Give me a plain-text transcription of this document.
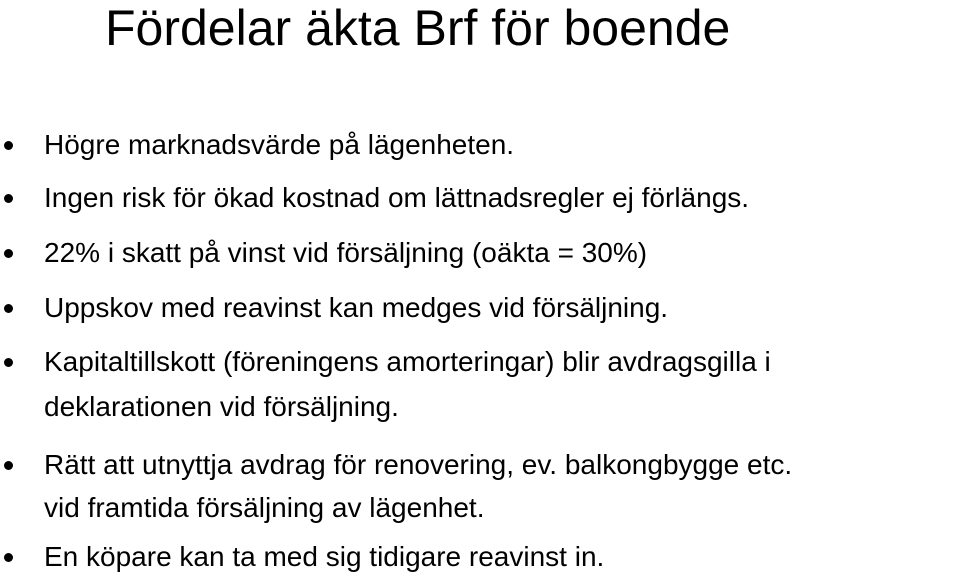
Fördelar äkta Brf för boende
Högre marknadsvärde på lägenheten.
Ingen risk för ökad kostnad om lättnadsregler ej förlängs.
22% i skatt på vinst vid försäljning (oäkta = 30%)
Uppskov med reavinst kan medges vid försäljning.
Kapitaltillskott (föreningens amorteringar) blir avdragsgilla i
deklarationen vid försäljning.
Rätt att utnyttja avdrag för renovering, ev. balkongbygge etc.
vid framtida försäljning av lägenhet.
En köpare kan ta med sig tidigare reavinst in.
